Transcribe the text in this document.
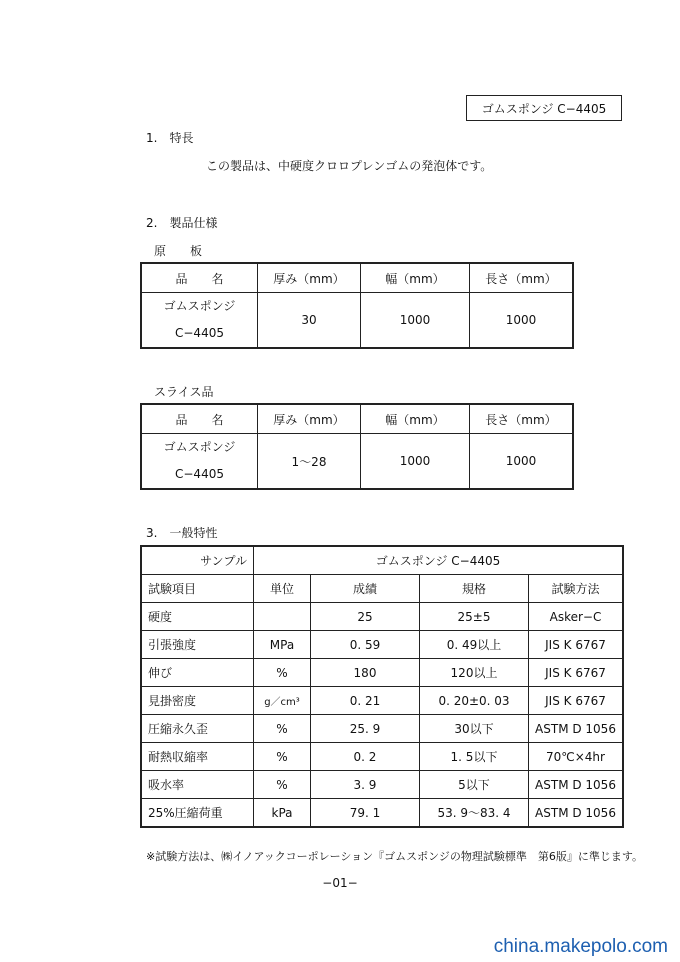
ゴムスポンジ C−4405
1.　特長
この製品は、中硬度クロロプレンゴムの発泡体です。
2.　製品仕様
原　　板
品　　名	厚み（mm）	幅（mm）	長さ（mm）

ゴムスポンジ
C−4405	30	1000	1000
スライス品
品　　名	厚み（mm）	幅（mm）	長さ（mm）

ゴムスポンジ
C−4405	1〜28	1000	1000
3.　一般特性
サンプル	ゴムスポンジ C−4405			
試験項目	単位	成績	規格	試験方法
硬度		25	25±5	Asker−C
引張強度	MPa	0. 59	0. 49以上	JIS K 6767
伸び	%	180	120以上	JIS K 6767
見掛密度	g／cm³	0. 21	0. 20±0. 03	JIS K 6767
圧縮永久歪	%	25. 9	30以下	ASTM D 1056
耐熱収縮率	%	0. 2	1. 5以下	70℃×4hr
吸水率	%	3. 9	5以下	ASTM D 1056
25%圧縮荷重	kPa	79. 1	53. 9〜83. 4	ASTM D 1056
※試験方法は、㈱イノアックコーポレーション『ゴムスポンジの物理試験標準　第6版』に準じます。
−01−
china.makepolo.com
